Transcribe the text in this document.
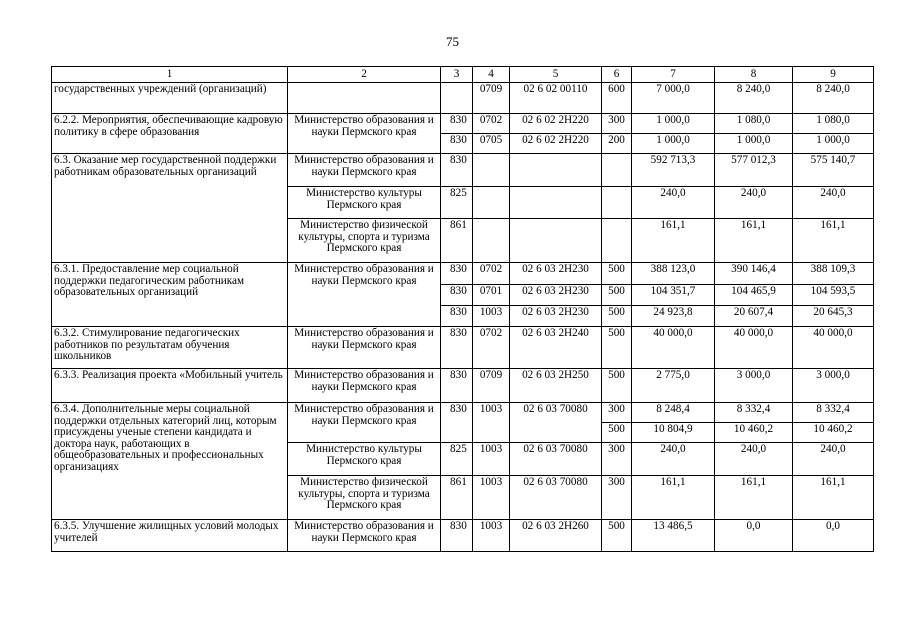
75
1	2	3	4	5	6	7	8	9
государственных учреждений (организаций)			0709	02 6 02 00110	600	7 000,0	8 240,0	8 240,0
6.2.2. Мероприятия, обеспечивающие кадровую политику в сфере образования	Министерство образования и науки Пермского края	830	0702	02 6 02 2Н220	300	1 000,0	1 080,0	1 080,0
		830	0705	02 6 02 2Н220	200	1 000,0	1 000,0	1 000,0
6.3. Оказание мер государственной поддержки работникам образовательных организаций	Министерство образования и науки Пермского края	830				592 713,3	577 012,3	575 140,7
	Министерство культуры Пермского края	825				240,0	240,0	240,0
	Министерство физической культуры, спорта и туризма Пермского края	861				161,1	161,1	161,1
6.3.1. Предоставление мер социальной поддержки педагогическим работникам образовательных организаций	Министерство образования и науки Пермского края	830	0702	02 6 03 2Н230	500	388 123,0	390 146,4	388 109,3
		830	0701	02 6 03 2Н230	500	104 351,7	104 465,9	104 593,5
		830	1003	02 6 03 2Н230	500	24 923,8	20 607,4	20 645,3
6.3.2. Стимулирование педагогических работников по результатам обучения школьников	Министерство образования и науки Пермского края	830	0702	02 6 03 2Н240	500	40 000,0	40 000,0	40 000,0
6.3.3. Реализация проекта «Мобильный учитель	Министерство образования и науки Пермского края	830	0709	02 6 03 2Н250	500	2 775,0	3 000,0	3 000,0
6.3.4. Дополнительные меры социальной поддержки отдельных категорий лиц, которым присуждены ученые степени кандидата и доктора наук, работающих в общеобразовательных и профессиональных организациях	Министерство образования и науки Пермского края	830	1003	02 6 03 70080	300	8 248,4	8 332,4	8 332,4
					500	10 804,9	10 460,2	10 460,2
	Министерство культуры Пермского края	825	1003	02 6 03 70080	300	240,0	240,0	240,0
	Министерство физической культуры, спорта и туризма Пермского края	861	1003	02 6 03 70080	300	161,1	161,1	161,1
6.3.5. Улучшение жилищных условий молодых учителей	Министерство образования и науки Пермского края	830	1003	02 6 03 2Н260	500	13 486,5	0,0	0,0
